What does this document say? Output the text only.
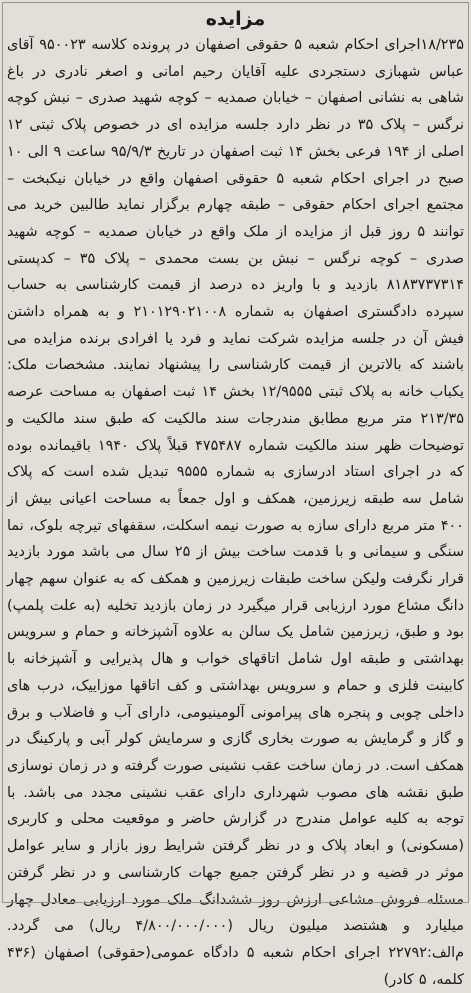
مزایده

۱۸/۲۳۵اجرای احکام شعبه ۵ حقوقی اصفهان در پرونده کلاسه ۹۵۰۰۲۳ آقای عباس شهبازی دستجردی علیه آقایان رحیم امانی و اصغر نادری در باغ شاهی به نشانی اصفهان – خیابان صمدیه – کوچه شهید صدری – نبش کوچه نرگس – پلاک ۳۵ در نظر دارد جلسه مزایده ای در خصوص پلاک ثبتی ۱۲ اصلی از ۱۹۴ فرعی بخش ۱۴ ثبت اصفهان در تاریخ ۹۵/۹/۳ ساعت ۹ الی ۱۰ صبح در اجرای احکام شعبه ۵ حقوقی اصفهان واقع در خیابان نیکبخت – مجتمع اجرای احکام حقوقی – طبقه چهارم برگزار نماید طالبین خرید می توانند ۵ روز قبل از مزایده از ملک واقع در خیابان صمدیه – کوچه شهید صدری – کوچه نرگس – نبش بن بست محمدی – پلاک ۳۵ – کدپستی ۸۱۸۳۷۳۷۳۱۴ بازدید و با واریز ده درصد از قیمت کارشناسی به حساب سپرده دادگستری اصفهان به شماره ۲۱۰۱۲۹۰۲۱۰۰۸ و به همراه داشتن فیش آن در جلسه مزایده شرکت نماید و فرد یا افرادی برنده مزایده می باشند که بالاترین از قیمت کارشناسی را پیشنهاد نمایند. مشخصات ملک: یکباب خانه به پلاک ثبتی ۱۲/۹۵۵۵ بخش ۱۴ ثبت اصفهان به مساحت عرصه ۲۱۳/۳۵ متر مربع مطابق مندرجات سند مالکیت که طبق سند مالکیت و توضیحات ظهر سند مالکیت شماره ۴۷۵۴۸۷ قبلاً پلاک ۱۹۴۰ باقیمانده بوده که در اجرای استاد ادرسازی به شماره ۹۵۵۵ تبدیل شده است که پلاک شامل سه طبقه زیرزمین، همکف و اول جمعاً به مساحت اعیانی بیش از ۴۰۰ متر مربع دارای سازه به صورت نیمه اسکلت، سقفهای تیرچه بلوک، نما سنگی و سیمانی و با قدمت ساخت بیش از ۲۵ سال می باشد مورد بازدید قرار نگرفت ولیکن ساخت طبقات زیرزمین و همکف که به عنوان سهم چهار دانگ مشاع مورد ارزیابی قرار میگیرد در زمان بازدید تخلیه (به علت پلمپ) بود و طبق، زیرزمین شامل یک سالن به علاوه آشپزخانه و حمام و سرویس بهداشتی و طبقه اول شامل اتاقهای خواب و هال پذیرایی و آشپزخانه با کابینت فلزی و حمام و سرویس بهداشتی و کف اتاقها موزاییک، درب های داخلی چوبی و پنجره های پیرامونی آلومینیومی، دارای آب و فاضلاب و برق و گاز و گرمایش به صورت بخاری گازی و سرمایش کولر آبی و پارکینگ در همکف است. در زمان ساخت عقب نشینی صورت گرفته و در زمان نوسازی طبق نقشه های مصوب شهرداری دارای عقب نشینی مجدد می باشد. با توجه به کلیه عوامل مندرج در گزارش حاضر و موقعیت محلی و کاربری (مسکونی) و ابعاد پلاک و در نظر گرفتن شرایط روز بازار و سایر عوامل موثر در قضیه و در نظر گرفتن جمیع جهات کارشناسی و در نظر گرفتن مسئله فروش مشاعی ارزش روز ششدانگ ملک مورد ارزیابی معادل چهار میلیارد و هشتصد میلیون ریال (۴/۸۰۰/۰۰۰/۰۰۰ ریال) می گردد. م‌الف:۲۲۷۹۲ اجرای احکام شعبه ۵ دادگاه عمومی(حقوقی) اصفهان (۴۳۶ کلمه، ۵ کادر)
